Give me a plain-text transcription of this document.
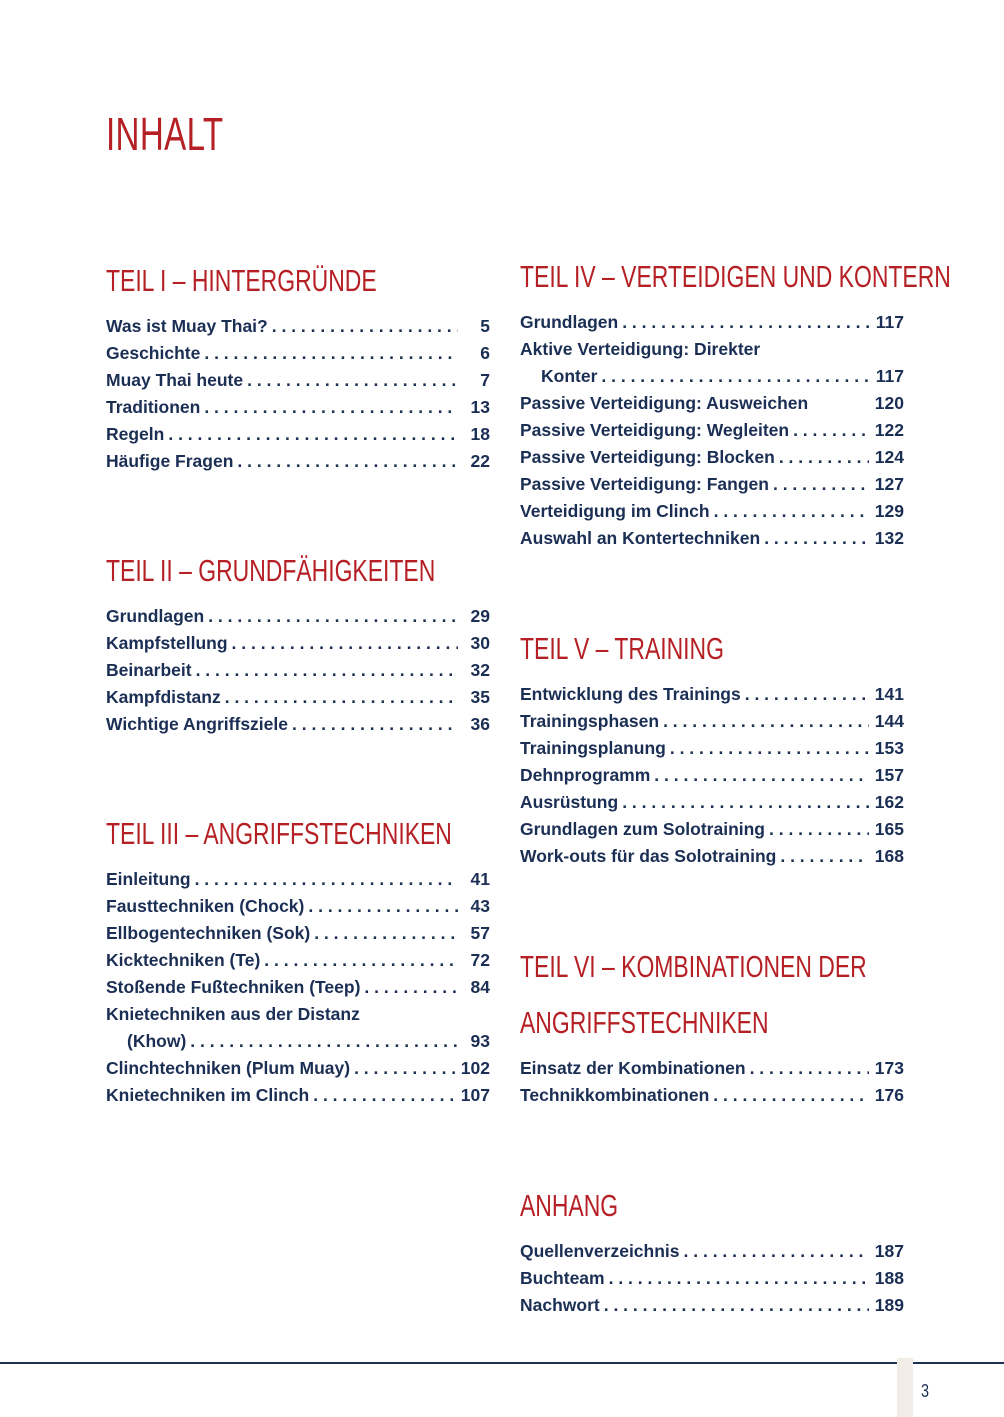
INHALT
TEIL I – HINTERGRÜNDE
Was ist Muay Thai? . . .	5
Geschichte . . .	6
Muay Thai heute . . .	7
Traditionen . . .	13
Regeln . . .	18
Häufige Fragen . . .	22
TEIL II – GRUNDFÄHIGKEITEN
Grundlagen . . .	29
Kampfstellung . . .	30
Beinarbeit . . .	32
Kampfdistanz . . .	35
Wichtige Angriffsziele . . .	36
TEIL III – ANGRIFFSTECHNIKEN
Einleitung . . .	41
Fausttechniken (Chock) . . .	43
Ellbogentechniken (Sok) . . .	57
Kicktechniken (Te) . . .	72
Stoßende Fußtechniken (Teep) . . .	84
Knietechniken aus der Distanz
(Khow) . . .	93
Clinchtechniken (Plum Muay) . . .	102
Knietechniken im Clinch . . .	107
TEIL IV – VERTEIDIGEN UND KONTERN
Grundlagen . . .	117
Aktive Verteidigung: Direkter
Konter . . .	117
Passive Verteidigung: Ausweichen	120
Passive Verteidigung: Wegleiten . . .	122
Passive Verteidigung: Blocken . . .	124
Passive Verteidigung: Fangen . . .	127
Verteidigung im Clinch . . .	129
Auswahl an Kontertechniken . . .	132
TEIL V – TRAINING
Entwicklung des Trainings . . .	141
Trainingsphasen . . .	144
Trainingsplanung . . .	153
Dehnprogramm . . .	157
Ausrüstung . . .	162
Grundlagen zum Solotraining . . .	165
Work-outs für das Solotraining . . .	168
TEIL VI – KOMBINATIONEN DER
ANGRIFFSTECHNIKEN
Einsatz der Kombinationen . . .	173
Technikkombinationen . . .	176
ANHANG
Quellenverzeichnis . . .	187
Buchteam . . .	188
Nachwort . . .	189
3
